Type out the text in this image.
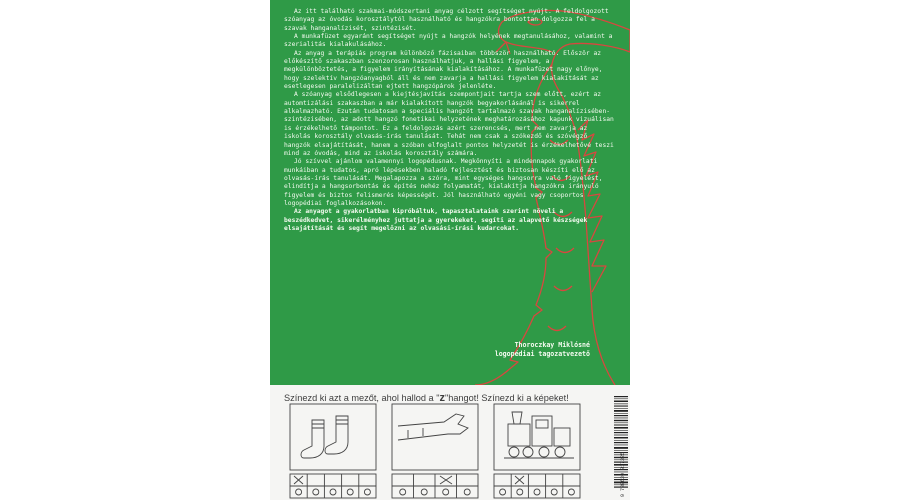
Az itt található szakmai-módszertani anyag célzott segítséget nyújt. A feldolgozott szóanyag az óvodás korosztálytól használható és hangzókra bontottan dolgozza fel a szavak hanganalízisét, szintézisét.

A munkafüzet egyaránt segítséget nyújt a hangzók helyének megtanulásához, valamint a szerialitás kialakulásához.

Az anyag a terápiás program különböző fázisaiban többször használható. Először az előkészítő szakaszban szenzorosan használhatjuk, a hallási figyelem, a megkülönböztetés, a figyelem irányításának kialakításához. A munkafüzet nagy előnye, hogy szelektív hangzóanyagból áll és nem zavarja a hallási figyelem kialakítását az esetlegesen paralelizáltan ejtett hangzópárok jelenléte.

A szóanyag elsődlegesen a kiejtésjavítás szempontjait tartja szem előtt, ezért az automtizálási szakaszban a már kialakított hangzók begyakorlásánál is sikerrel alkalmazható. Ezután tudatosan a speciális hangzót tartalmazó szavak hanganalízisében-szintézisében, az adott hangzó fonetikai helyzetének meghatározásához kapunk vizuálisan is érzékelhető támpontot. Ez a feldolgozás azért szerencsés, mert nem zavarja az iskolás korosztály olvasás-írás tanulását. Tehát nem csak a szókezdő és szóvégző hangzók elsajátítását, hanem a szóban elfoglalt pontos helyzetét is érzékelhetővé teszi mind az óvodás, mind az iskolás korosztály számára.

Jó szívvel ajánlom valamennyi logopédusnak. Megkönnyíti a mindennapok gyakorlati munkáiban a tudatos, apró lépésekben haladó fejlesztést és biztosan készíti elő az olvasás-írás tanulását. Megalapozza a szóra, mint egységes hangsorra való figyelést, elindítja a hangsorbontás és építés nehéz folyamatát, kialakítja hangzókra irányuló figyelem és biztos felismerés képességét. Jól használható egyéni vagy csoportos logopédiai foglalkozásokon.

Az anyagot a gyakorlatban kipróbáltuk, tapasztalataink szerint növeli a beszédkedvet, sikerélményhez juttatja a gyerekeket, segíti az alapvető készségek elsajátítását és segít megelőzni az olvasási-írási kudarcokat.

Thoroczkay Miklósné
logopédiai tagozatvezető
Színezd ki azt a mezőt, ahol hallod a "z"hangot! Színezd ki a képeket!
9 789630 817325
